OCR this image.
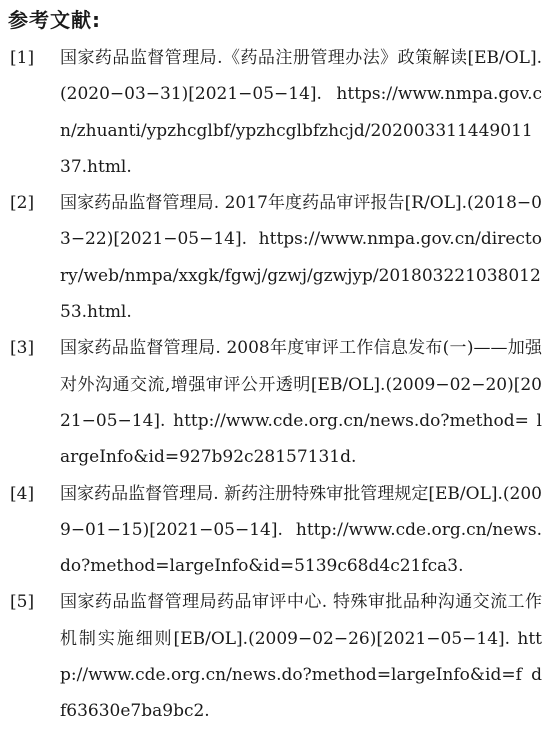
参考文献:
[1]	国家药品监督管理局.《药品注册管理办法》政策解读[EB/OL].(2020−03−31)[2021−05−14]. https://www.nmpa.gov.cn/zhuanti/ypzhcglbf/ypzhcglbfzhcjd/20200331144901137.html.
[2]	国家药品监督管理局. 2017年度药品审评报告[R/OL].(2018−03−22)[2021−05−14]. https://www.nmpa.gov.cn/directory/web/nmpa/xxgk/fgwj/gzwj/gzwjyp/20180322103801253.html.
[3]	国家药品监督管理局. 2008年度审评工作信息发布(一)——加强对外沟通交流,增强审评公开透明[EB/OL].(2009−02−20)[2021−05−14]. http://www.cde.org.cn/news.do?method= largeInfo&id=927b92c28157131d.
[4]	国家药品监督管理局. 新药注册特殊审批管理规定[EB/OL].(2009−01−15)[2021−05−14]. http://www.cde.org.cn/news.do?method=largeInfo&id=5139c68d4c21fca3.
[5]	国家药品监督管理局药品审评中心. 特殊审批品种沟通交流工作机制实施细则[EB/OL].(2009−02−26)[2021−05−14]. http://www.cde.org.cn/news.do?method=largeInfo&id=f df63630e7ba9bc2.
